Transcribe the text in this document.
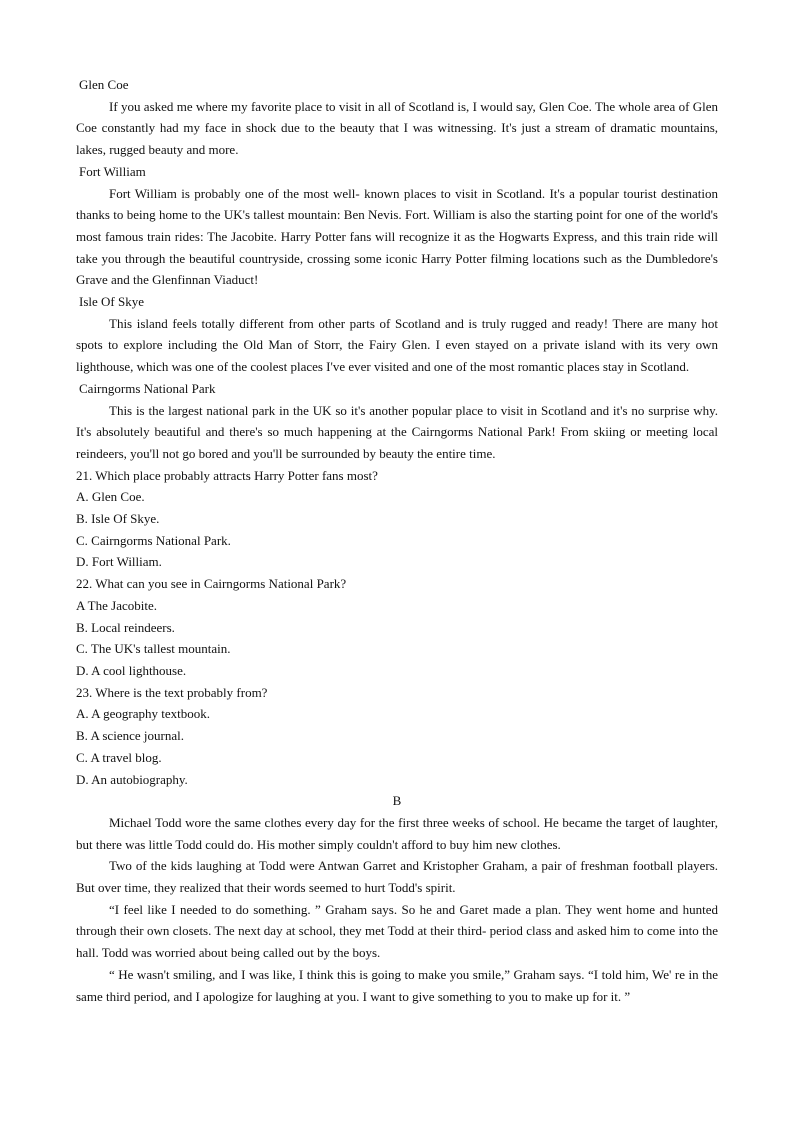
Glen Coe

If you asked me where my favorite place to visit in all of Scotland is, I would say, Glen Coe. The whole area of Glen Coe constantly had my face in shock due to the beauty that I was witnessing. It's just a stream of dramatic mountains, lakes, rugged beauty and more.

Fort William

Fort William is probably one of the most well- known places to visit in Scotland. It's a popular tourist destination thanks to being home to the UK's tallest mountain: Ben Nevis. Fort. William is also the starting point for one of the world's most famous train rides: The Jacobite. Harry Potter fans will recognize it as the Hogwarts Express, and this train ride will take you through the beautiful countryside, crossing some iconic Harry Potter filming locations such as the Dumbledore's Grave and the Glenfinnan Viaduct!

Isle Of Skye

This island feels totally different from other parts of Scotland and is truly rugged and ready! There are many hot spots to explore including the Old Man of Storr, the Fairy Glen. I even stayed on a private island with its very own lighthouse, which was one of the coolest places I've ever visited and one of the most romantic places stay in Scotland.

Cairngorms National Park

This is the largest national park in the UK so it's another popular place to visit in Scotland and it's no surprise why. It's absolutely beautiful and there's so much happening at the Cairngorms National Park! From skiing or meeting local reindeers, you'll not go bored and you'll be surrounded by beauty the entire time.

21. Which place probably attracts Harry Potter fans most?

A. Glen Coe.

B. Isle Of Skye.

C. Cairngorms National Park.

D. Fort William.

22. What can you see in Cairngorms National Park?

A The Jacobite.

B. Local reindeers.

C. The UK's tallest mountain.

D. A cool lighthouse.

23. Where is the text probably from?

A. A geography textbook.

B. A science journal.

C. A travel blog.

D. An autobiography.

B

Michael Todd wore the same clothes every day for the first three weeks of school. He became the target of laughter, but there was little Todd could do. His mother simply couldn't afford to buy him new clothes.

Two of the kids laughing at Todd were Antwan Garret and Kristopher Graham, a pair of freshman football players. But over time, they realized that their words seemed to hurt Todd's spirit.

“I feel like I needed to do something. ” Graham says. So he and Garet made a plan. They went home and hunted through their own closets. The next day at school, they met Todd at their third- period class and asked him to come into the hall. Todd was worried about being called out by the boys.

“ He wasn't smiling, and I was like, I think this is going to make you smile,” Graham says. “I told him, We' re in the same third period, and I apologize for laughing at you. I want to give something to you to make up for it. ”
